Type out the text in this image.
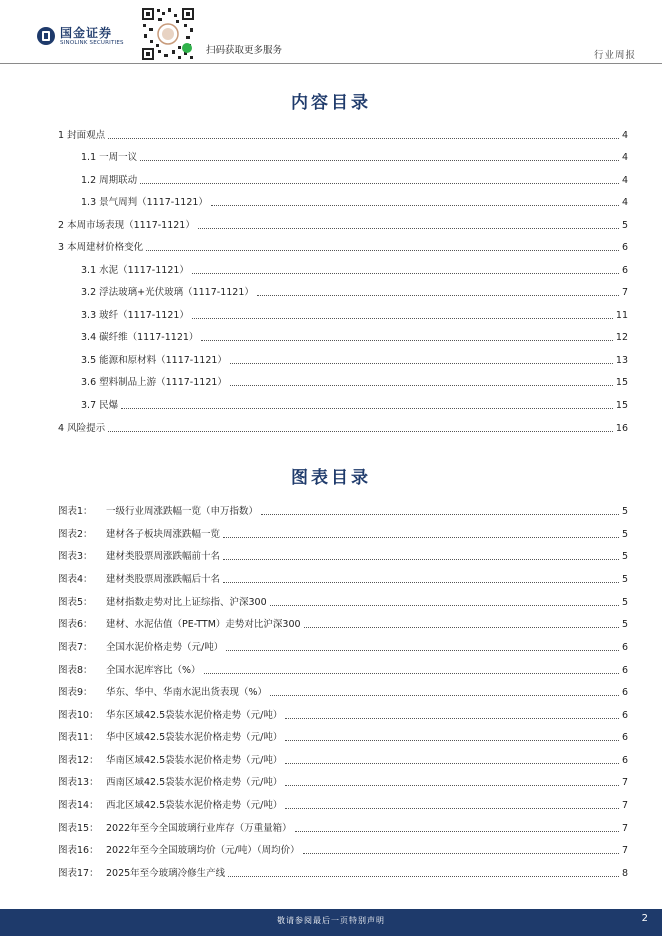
国金证券
SINOLINK SECURITIES
扫码获取更多服务	行业周报
内容目录
1 封面观点	4
1.1 一周一议	4
1.2 周期联动	4
1.3 景气周判（1117-1121）	4
2 本周市场表现（1117-1121）	5
3 本周建材价格变化	6
3.1 水泥（1117-1121）	6
3.2 浮法玻璃+光伏玻璃（1117-1121）	7
3.3 玻纤（1117-1121）	11
3.4 碳纤维（1117-1121）	12
3.5 能源和原材料（1117-1121）	13
3.6 塑料制品上游（1117-1121）	15
3.7 民爆	15
4 风险提示	16
图表目录
图表1： 一级行业周涨跌幅一览（申万指数）	5
图表2： 建材各子板块周涨跌幅一览	5
图表3： 建材类股票周涨跌幅前十名	5
图表4： 建材类股票周涨跌幅后十名	5
图表5： 建材指数走势对比上证综指、沪深300	5
图表6： 建材、水泥估值（PE-TTM）走势对比沪深300	5
图表7： 全国水泥价格走势（元/吨）	6
图表8： 全国水泥库容比（%）	6
图表9： 华东、华中、华南水泥出货表现（%）	6
图表10： 华东区域42.5袋装水泥价格走势（元/吨）	6
图表11： 华中区域42.5袋装水泥价格走势（元/吨）	6
图表12： 华南区域42.5袋装水泥价格走势（元/吨）	6
图表13： 西南区域42.5袋装水泥价格走势（元/吨）	7
图表14： 西北区域42.5袋装水泥价格走势（元/吨）	7
图表15： 2022年至今全国玻璃行业库存（万重量箱）	7
图表16： 2022年至今全国玻璃均价（元/吨）（周均价）	7
图表17： 2025年至今玻璃冷修生产线	8
敬请参阅最后一页特别声明	2
